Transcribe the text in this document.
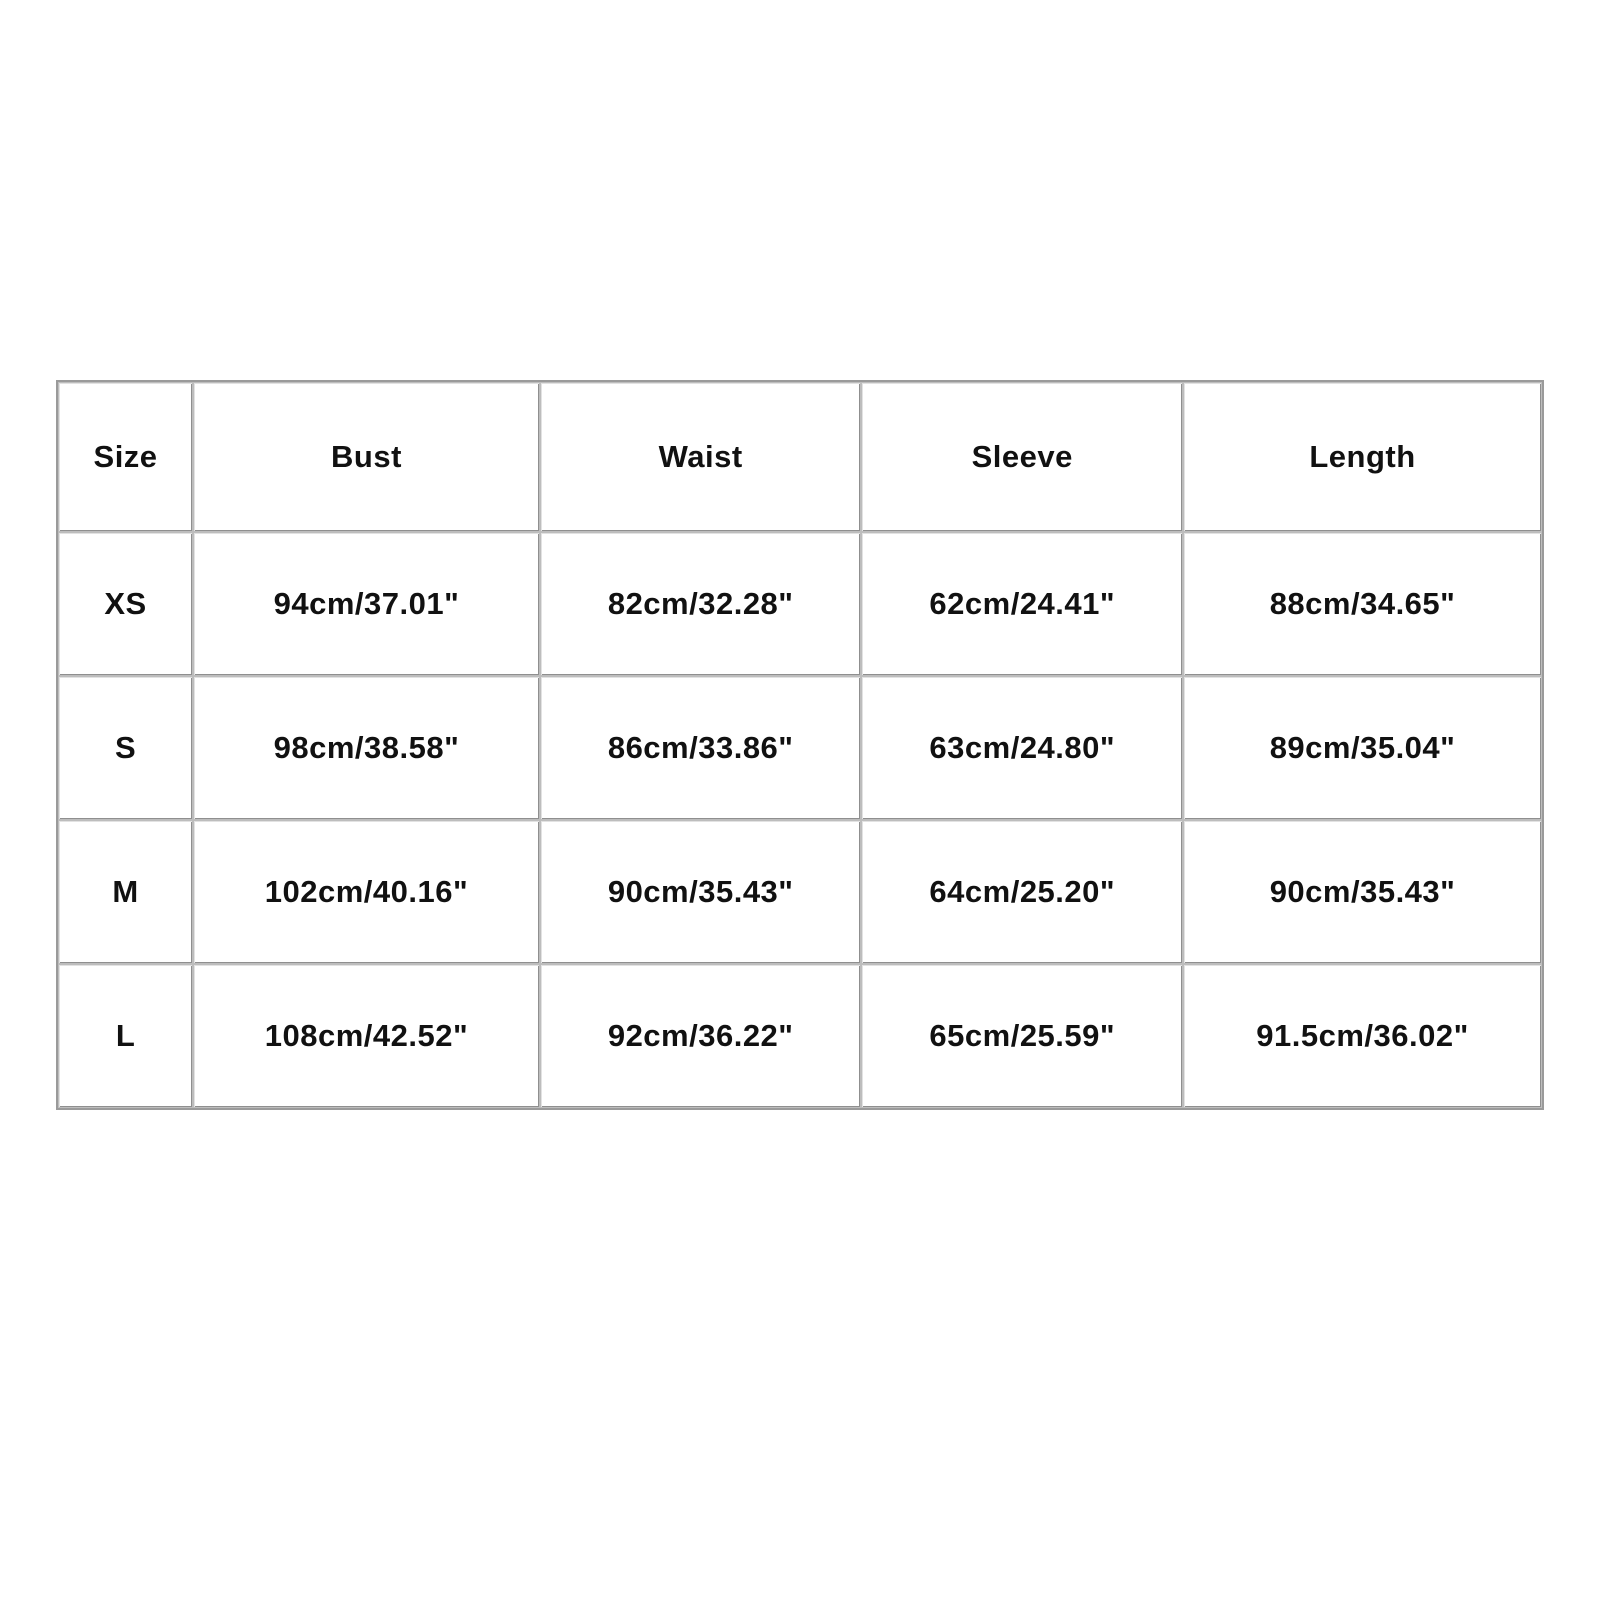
Size	Bust	Waist	Sleeve	Length
XS	94cm/37.01"	82cm/32.28"	62cm/24.41"	88cm/34.65"
S	98cm/38.58"	86cm/33.86"	63cm/24.80"	89cm/35.04"
M	102cm/40.16"	90cm/35.43"	64cm/25.20"	90cm/35.43"
L	108cm/42.52"	92cm/36.22"	65cm/25.59"	91.5cm/36.02"
